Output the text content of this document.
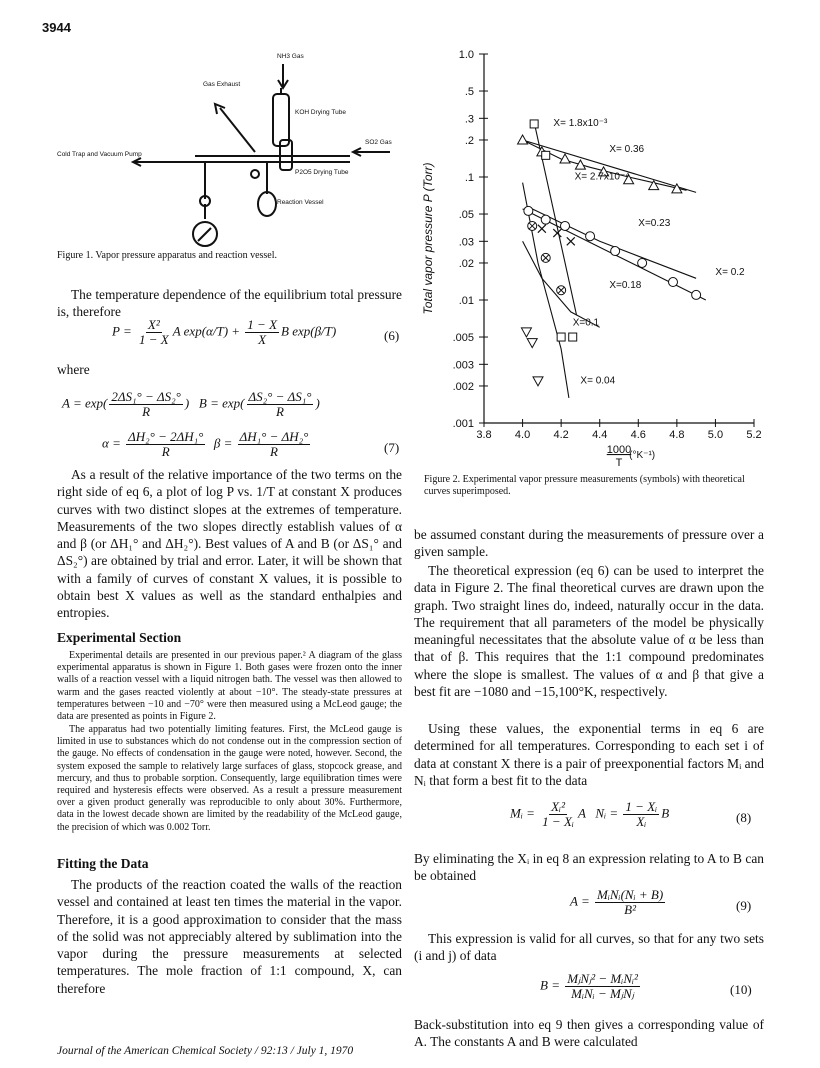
3944
NH3 Gas
Gas Exhaust
KOH Drying Tube
Cold Trap and Vacuum Pump
SO2 Gas
P2O5 Drying Tube
Reaction Vessel
Figure 1. Vapor pressure apparatus and reaction vessel.

The temperature dependence of the equilibrium total pressure is, therefore

$P = \frac{\text{X²}}{1 - X}$ A $\exp(\alpha/T) + \frac{1 - X}{X}$ B exp(β/T)	(6)
where
$A = \exp( \frac{\text{2ΔS₁° − ΔS₂°}}{R}$ )   $B = \exp( \frac{\text{ΔS₂° − ΔS₁°}}{R}$ )
$\alpha = \frac{\text{ΔH₂° − 2ΔH₁°}}{R}$ $\beta = \frac{\text{ΔH₁° − ΔH₂°}}{R}$	(7)

As a result of the relative importance of the two terms on the right side of eq 6, a plot of log P vs. 1/T at constant X produces curves with two distinct slopes at the extremes of temperature. Measurements of the two slopes directly establish values of α and β (or ΔH₁° and ΔH₂°). Best values of A and B (or ΔS₁° and ΔS₂°) are obtained by trial and error. Later, it will be shown that with a family of curves of constant X values, it is possible to obtain best X values as well as the standard enthalpies and entropies.

Experimental Section

Experimental details are presented in our previous paper.² A diagram of the glass experimental apparatus is shown in Figure 1. Both gases were frozen onto the inner walls of a reaction vessel with a liquid nitrogen bath. The vessel was then allowed to warm and the gases reacted violently at about −10°. The steady-state pressures at temperatures between −10 and −70° were then measured using a McLeod gauge; the data are presented as points in Figure 2.

The apparatus had two potentially limiting features. First, the McLeod gauge is limited in use to substances which do not condense out in the compression section of the gauge. No effects of condensation in the gauge were noted, however. Second, the system exposed the sample to relatively large surfaces of glass, stopcock grease, and mercury, and thus to probable sorption. Consequently, large equilibration times were required and hysteresis effects were observed. As a result a pressure measurement over a given product generally was reproducible to only about 30%. Furthermore, data in the lowest decade shown are limited by the readability of the McLeod gauge, the precision of which was 0.002 Torr.

Fitting the Data

The products of the reaction coated the walls of the reaction vessel and contained at least ten times the material in the vapor. Therefore, it is a good approximation to consider that the mass of the solid was not appreciably altered by sublimation into the vapor during the pressure measurements at selected temperatures. The mole fraction of 1:1 compound, X, can therefore

1.0
.5
.3
.2
.1
.05
.03
.02
.01
.005
.003
.002
.001
3.8 4.0 4.2 4.4 4.6 4.8 5.0 5.2
1000
T
(°K⁻¹)
Total vapor pressure P (Torr)
X= 1.8x10⁻³
X= 0.36
X= 2.7x10⁻⁴
X=0.23
X= 0.2
X=0.18
X=0.1
X= 0.04
Figure 2. Experimental vapor pressure measurements (symbols) with theoretical curves superimposed.

be assumed constant during the measurements of pressure over a given sample.

The theoretical expression (eq 6) can be used to interpret the data in Figure 2. The final theoretical curves are drawn upon the graph. Two straight lines do, indeed, naturally occur in the data. The requirement that all parameters of the model be physically meaningful necessitates that the absolute value of α be less than that of β. This requires that the 1:1 compound predominates where the slope is smallest. The values of α and β that give a best fit are −1080 and −15,100°K, respectively.

Using these values, the exponential terms in eq 6 are determined for all temperatures. Corresponding to each set i of data at constant X there is a pair of preexponential factors Mᵢ and Nᵢ that form a best fit to the data

Mᵢ = $\frac{\text{Xᵢ²}}{\text{1 − Xᵢ}}$ A   Nᵢ = $\frac{\text{1 − Xᵢ}}{\text{Xᵢ}}$ B	(8)

By eliminating the Xᵢ in eq 8 an expression relating to A to B can be obtained

$A = \frac{\text{MᵢNᵢ(Nᵢ + B)}}{\text{B²}}$	(9)

This expression is valid for all curves, so that for any two sets (i and j) of data

$B = \frac{\text{MⱼNⱼ² − MᵢNᵢ²}}{\text{MᵢNᵢ − MⱼNⱼ}}$	(10)

Back-substitution into eq 9 then gives a corresponding value of A. The constants A and B were calculated

Journal of the American Chemical Society / 92:13 / July 1, 1970
